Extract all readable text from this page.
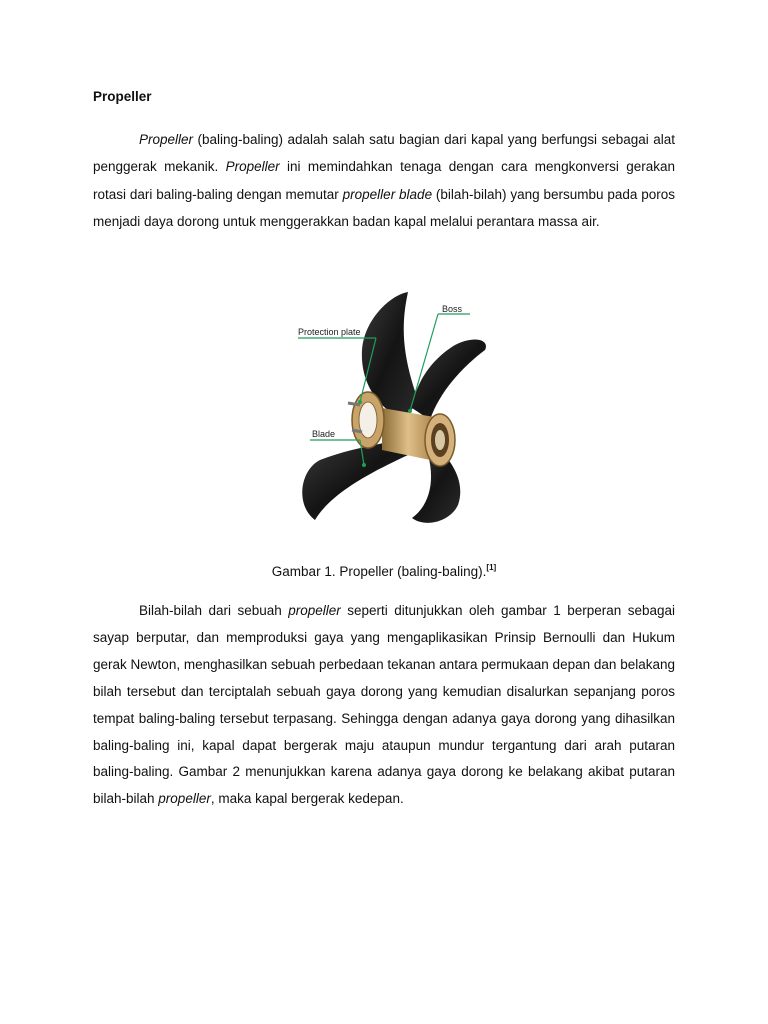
Propeller

Propeller (baling-baling) adalah salah satu bagian dari kapal yang berfungsi sebagai alat penggerak mekanik. Propeller ini memindahkan tenaga dengan cara mengkonversi gerakan rotasi dari baling-baling dengan memutar propeller blade (bilah-bilah) yang bersumbu pada poros menjadi daya dorong untuk menggerakkan badan kapal melalui perantara massa air.

Boss
Protection plate
Blade
Gambar 1. Propeller (baling-baling).[1]

Bilah-bilah dari sebuah propeller seperti ditunjukkan oleh gambar 1 berperan sebagai sayap berputar, dan memproduksi gaya yang mengaplikasikan Prinsip Bernoulli dan Hukum gerak Newton, menghasilkan sebuah perbedaan tekanan antara permukaan depan dan belakang bilah tersebut dan terciptalah sebuah gaya dorong yang kemudian disalurkan sepanjang poros tempat baling-baling tersebut terpasang. Sehingga dengan adanya gaya dorong yang dihasilkan baling-baling ini, kapal dapat bergerak maju ataupun mundur tergantung dari arah putaran baling-baling. Gambar 2 menunjukkan karena adanya gaya dorong ke belakang akibat putaran bilah-bilah propeller, maka kapal bergerak kedepan.
